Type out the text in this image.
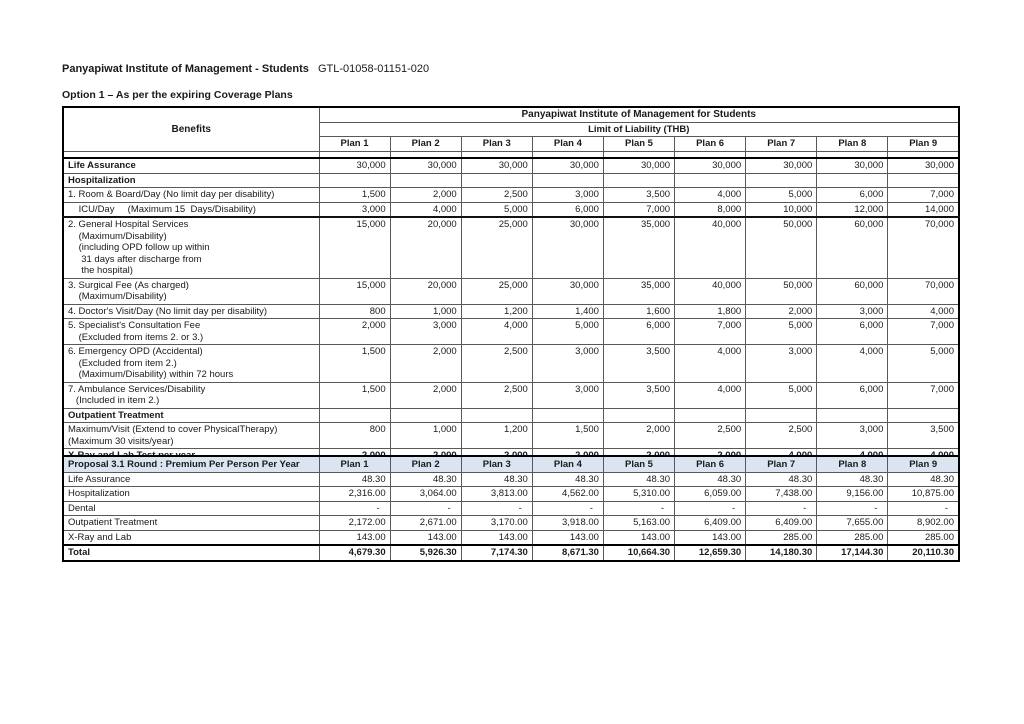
Panyapiwat Institute of Management - Students GTL-01058-01151-020
Option 1 – As per the expiring Coverage Plans
Benefits	Panyapiwat Institute of Management for Students								
	Limit of Liability (THB)								
	Plan 1	Plan 2	Plan 3	Plan 4	Plan 5	Plan 6	Plan 7	Plan 8	Plan 9

Life Assurance	30,000	30,000	30,000	30,000	30,000	30,000	30,000	30,000	30,000

Hospitalization									

1. Room & Board/Day (No limit day per disability)	1,500	2,000	2,500	3,000	3,500	4,000	5,000	6,000	7,000

ICU/Day     (Maximum 15  Days/Disability)	3,000	4,000	5,000	6,000	7,000	8,000	10,000	12,000	14,000

2. General Hospital Services
(Maximum/Disability)
(including OPD follow up within
31 days after discharge from
the hospital)	15,000	20,000	25,000	30,000	35,000	40,000	50,000	60,000	70,000

3. Surgical Fee (As charged)
(Maximum/Disability)	15,000	20,000	25,000	30,000	35,000	40,000	50,000	60,000	70,000

4. Doctor's Visit/Day (No limit day per disability)	800	1,000	1,200	1,400	1,600	1,800	2,000	3,000	4,000

5. Specialist's Consultation Fee
(Excluded from items 2. or 3.)	2,000	3,000	4,000	5,000	6,000	7,000	5,000	6,000	7,000

6. Emergency OPD (Accidental)
(Excluded from item 2.)
(Maximum/Disability) within 72 hours	1,500	2,000	2,500	3,000	3,500	4,000	3,000	4,000	5,000

7. Ambulance Services/Disability
(Included in item 2.)	1,500	2,000	2,500	3,000	3,500	4,000	5,000	6,000	7,000

Outpatient Treatment									

Maximum/Visit (Extend to cover PhysicalTherapy) (Maximum 30 visits/year)	800	1,000	1,200	1,500	2,000	2,500	2,500	3,000	3,500

Proposal 3.1 Round : Premium Per Person Per Year	Plan 1	Plan 2	Plan 3	Plan 4	Plan 5	Plan 6	Plan 7	Plan 8	Plan 9
Life Assurance	48.30	48.30	48.30	48.30	48.30	48.30	48.30	48.30	48.30
Hospitalization	2,316.00	3,064.00	3,813.00	4,562.00	5,310.00	6,059.00	7,438.00	9,156.00	10,875.00
Dental	-	-	-	-	-	-	-	-	-
Outpatient Treatment	2,172.00	2,671.00	3,170.00	3,918.00	5,163.00	6,409.00	6,409.00	7,655.00	8,902.00
X-Ray and Lab	143.00	143.00	143.00	143.00	143.00	143.00	285.00	285.00	285.00
Total	4,679.30	5,926.30	7,174.30	8,671.30	10,664.30	12,659.30	14,180.30	17,144.30	20,110.30
